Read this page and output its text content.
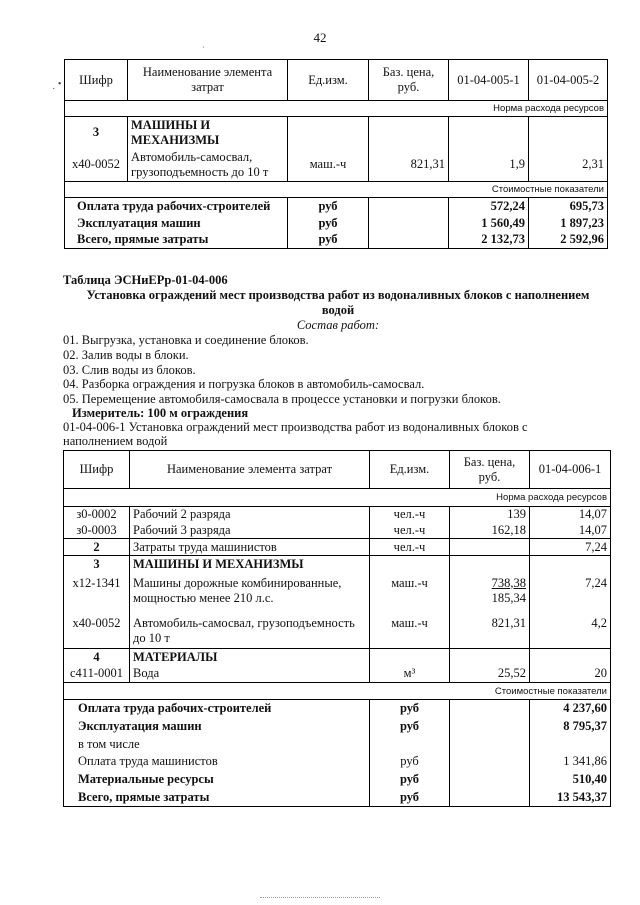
42
ˏ
˯ • Шифр	Наименование элемента
затрат	Ед.изм.	Баз. цена,
руб.	01-04-005-1	01-04-005-2
Норма расхода ресурсов					
3	МАШИНЫ И
МЕХАНИЗМЫ				
х40-0052	Автомобиль-самосвал,
грузоподъемность до 10 т	маш.-ч	821,31	1,9	2,31
Стоимостные показатели					
Оплата труда рабочих-строителей		руб		572,24	695,73
Эксплуатация машин		руб		1 560,49	1 897,23
Всего, прямые затраты		руб		2 132,73	2 592,96
Таблица ЭСНиЕРр-01-04-006
Установка ограждений мест производства работ из водоналивных блоков с наполнением
водой
Состав работ:
01. Выгрузка, установка и соединение блоков.
02. Залив воды в блоки.
03. Слив воды из блоков.
04. Разборка ограждения и погрузка блоков в автомобиль-самосвал.
05. Перемещение автомобиля-самосвала в процессе установки и погрузки блоков.
Измеритель: 100 м ограждения
01-04-006-1 Установка ограждений мест производства работ из водоналивных блоков с
наполнением водой
Шифр	Наименование элемента затрат	Ед.изм.	Баз. цена,
руб.	01-04-006-1
Норма расхода ресурсов				
з0-0002	Рабочий 2 разряда	чел.-ч	139	14,07
з0-0003	Рабочий 3 разряда	чел.-ч	162,18	14,07
2	Затраты труда машинистов	чел.-ч		7,24
3	МАШИНЫ И МЕХАНИЗМЫ			
х12-1341	Машины дорожные комбинированные,
мощностью менее 210 л.с.	маш.-ч	738,38
185,34	7,24
х40-0052	Автомобиль-самосвал, грузоподъемность
до 10 т	маш.-ч	821,31	4,2
4	МАТЕРИАЛЫ			
с411-0001	Вода	м³	25,52	20
Стоимостные показатели				
Оплата труда рабочих-строителей		руб		4 237,60
Эксплуатация машин		руб		8 795,37
в том числе				
Оплата труда машинистов		руб		1 341,86
Материальные ресурсы		руб		510,40
Всего, прямые затраты		руб		13 543,37
